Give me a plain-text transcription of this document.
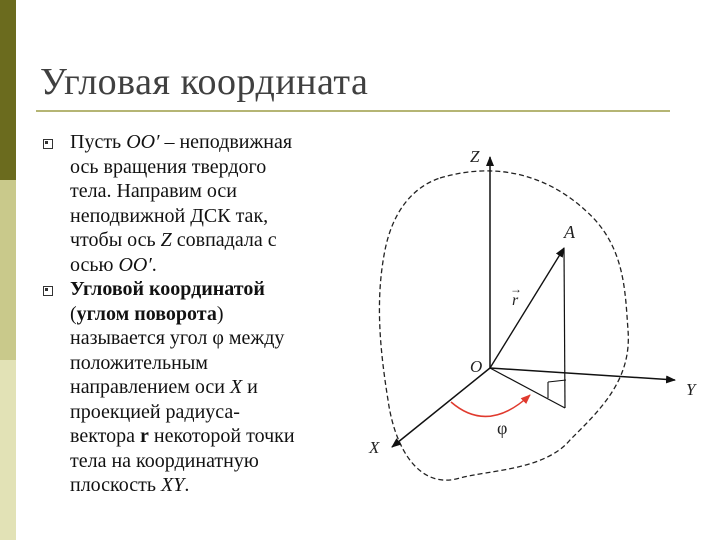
Угловая координата
Пусть OO′ – неподвижная
ось вращения твердого
тела. Направим оси
неподвижной ДСК так,
чтобы ось Z совпадала с
осью OO′.
Угловой координатой
(углом поворота)
называется угол φ между
положительным
направлением оси X и
проекцией радиуса-
вектора r некоторой точки
тела на координатную
плоскость XY.
Z
Y
X
O
A
r
→
φ
